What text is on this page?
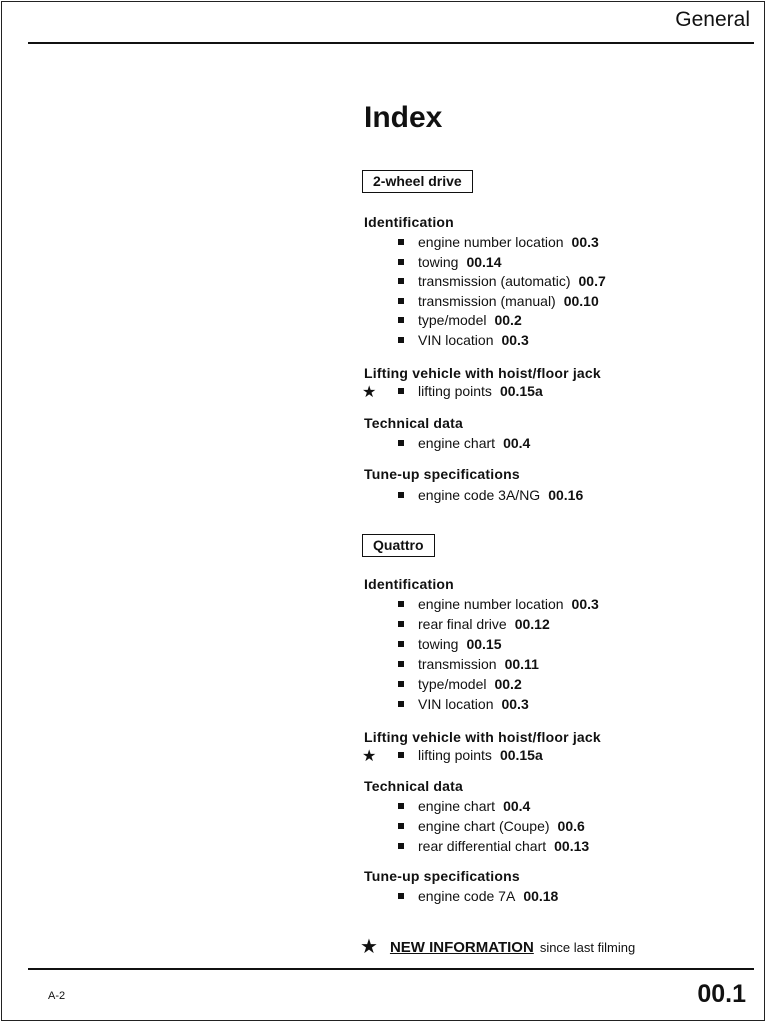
General
Index
2-wheel drive
Identification
engine number location 00.3
towing 00.14
transmission (automatic) 00.7
transmission (manual) 00.10
type/model 00.2
VIN location 00.3
Lifting vehicle with hoist/floor jack
★	lifting points 00.15a
Technical data
engine chart 00.4
Tune-up specifications
engine code 3A/NG 00.16
Quattro
Identification
engine number location 00.3
rear final drive 00.12
towing 00.15
transmission 00.11
type/model 00.2
VIN location 00.3
Lifting vehicle with hoist/floor jack
★	lifting points 00.15a
Technical data
engine chart 00.4
engine chart (Coupe) 00.6
rear differential chart 00.13
Tune-up specifications
engine code 7A 00.18
★ NEW INFORMATION since last filming
A-2	00.1
